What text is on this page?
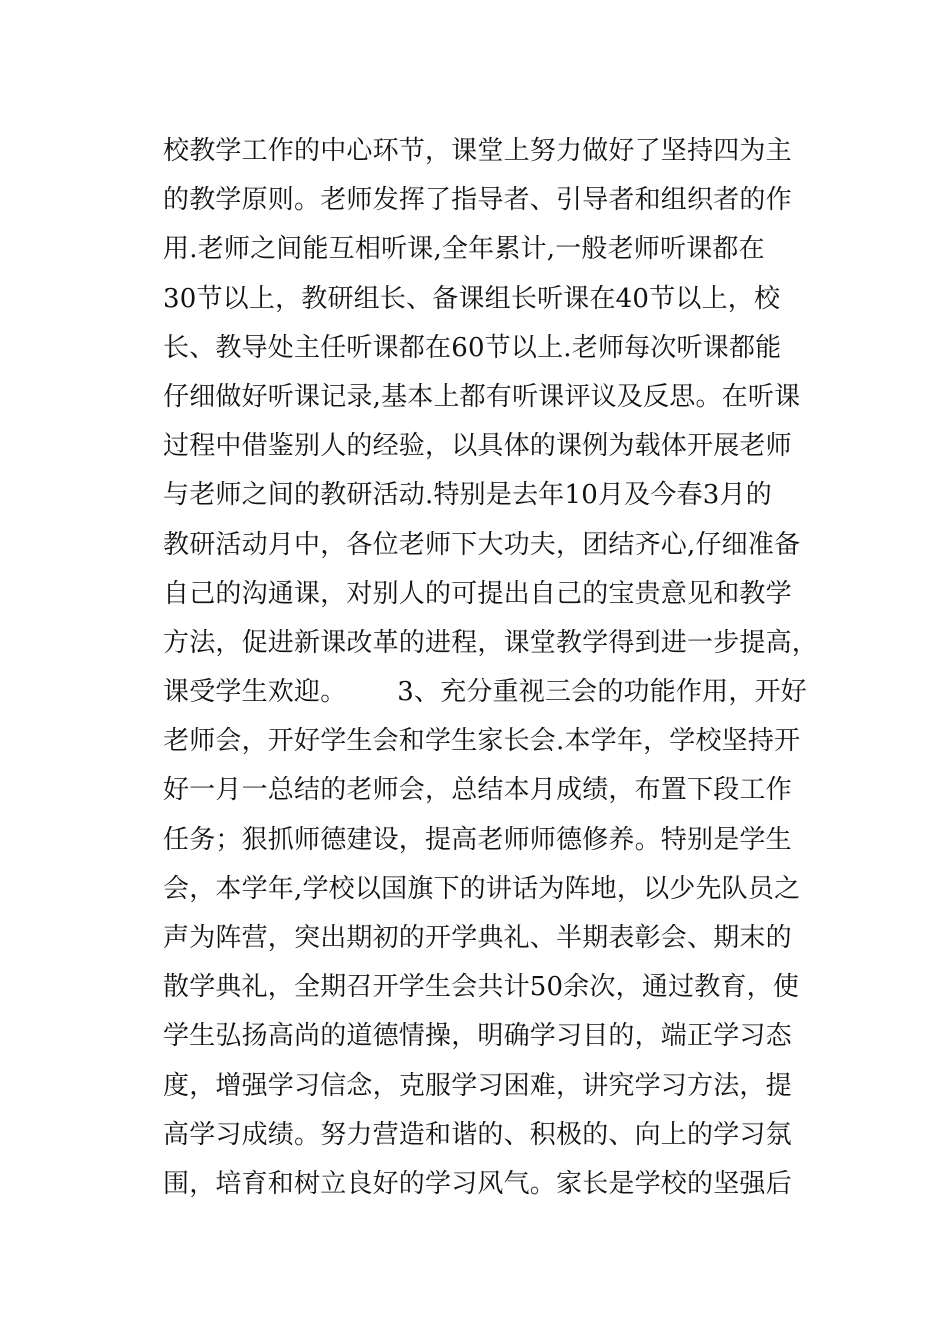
校教学工作的中心环节，课堂上努力做好了坚持四为主
的教学原则。老师发挥了指导者、引导者和组织者的作
用.老师之间能互相听课,全年累计,一般老师听课都在
30节以上，教研组长、备课组长听课在40节以上，校
长、教导处主任听课都在60节以上.老师每次听课都能
仔细做好听课记录,基本上都有听课评议及反思。在听课
过程中借鉴别人的经验，以具体的课例为载体开展老师
与老师之间的教研活动.特别是去年10月及今春3月的
教研活动月中，各位老师下大功夫，团结齐心,仔细准备
自己的沟通课，对别人的可提出自己的宝贵意见和教学
方法，促进新课改革的进程，课堂教学得到进一步提高，
课受学生欢迎。      3、充分重视三会的功能作用，开好
老师会，开好学生会和学生家长会.本学年，学校坚持开
好一月一总结的老师会，总结本月成绩，布置下段工作
任务；狠抓师德建设，提高老师师德修养。特别是学生
会，本学年,学校以国旗下的讲话为阵地，以少先队员之
声为阵营，突出期初的开学典礼、半期表彰会、期末的
散学典礼，全期召开学生会共计50余次，通过教育，使
学生弘扬高尚的道德情操，明确学习目的，端正学习态
度，增强学习信念，克服学习困难，讲究学习方法，提
高学习成绩。努力营造和谐的、积极的、向上的学习氛
围，培育和树立良好的学习风气。家长是学校的坚强后
